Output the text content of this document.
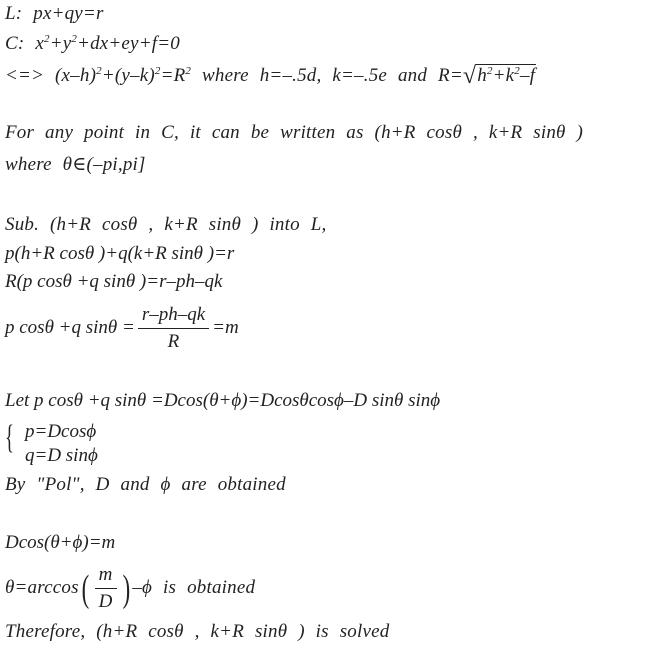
L: px+qy=r
C: $x^2+y^2+dx+ey+f=0$
<=> $(x-h)^2+(y-k)^2=R^2$ where h=–.5d, k=–.5e and $R=√h^2+k^2-f$
For any point in C, it can be written as (h+R cosθ , k+R sinθ )
where θ∈(–pi,pi]
Sub. (h+R cosθ , k+R sinθ ) into L,
p(h+R cosθ )+q(k+R sinθ )=r
R(p cosθ +q sinθ )=r–ph–qk
p cosθ +q $\sin\theta = \frac{r-ph-qk}{R} =m$
Let p cosθ +q sinθ =Dcos(θ+ϕ)=Dcosθcosϕ–D sinθ sinϕ
{ p=Dcosϕ
q=D sinϕ
By "Pol", D and ϕ are obtained
Dcos(θ+ϕ)=m
$\theta=\arccos( \frac{m}{D}$ ) –ϕ is obtained
Therefore, (h+R cosθ , k+R sinθ ) is solved
